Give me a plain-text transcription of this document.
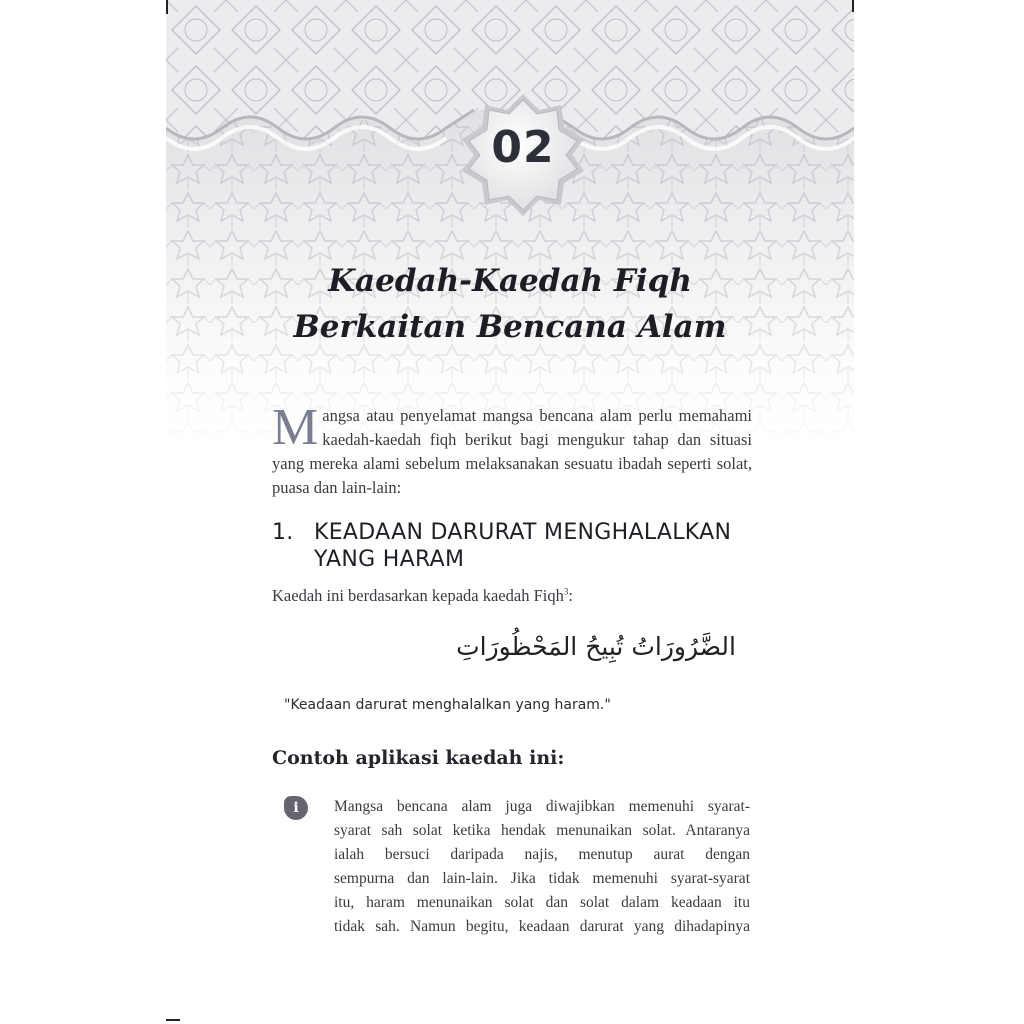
02
Kaedah-Kaedah Fiqh
Berkaitan Bencana Alam
M angsa atau penyelamat mangsa bencana alam perlu memahami kaedah-kaedah fiqh berikut bagi mengukur tahap dan situasi yang mereka alami sebelum melaksanakan sesuatu ibadah seperti solat, puasa dan lain-lain:
1. KEADAAN DARURAT MENGHALALKAN YANG HARAM
Kaedah ini berdasarkan kepada kaedah Fiqh$^3$:
الضَّرُورَاتُ تُبِيحُ المَحْظُورَاتِ
"Keadaan darurat menghalalkan yang haram."
Contoh aplikasi kaedah ini:
i	Mangsa bencana alam juga diwajibkan memenuhi syarat-
syarat sah solat ketika hendak menunaikan solat. Antaranya
ialah bersuci daripada najis, menutup aurat dengan
sempurna dan lain-lain. Jika tidak memenuhi syarat-syarat
itu, haram menunaikan solat dan solat dalam keadaan itu
tidak sah. Namun begitu, keadaan darurat yang dihadapinya
